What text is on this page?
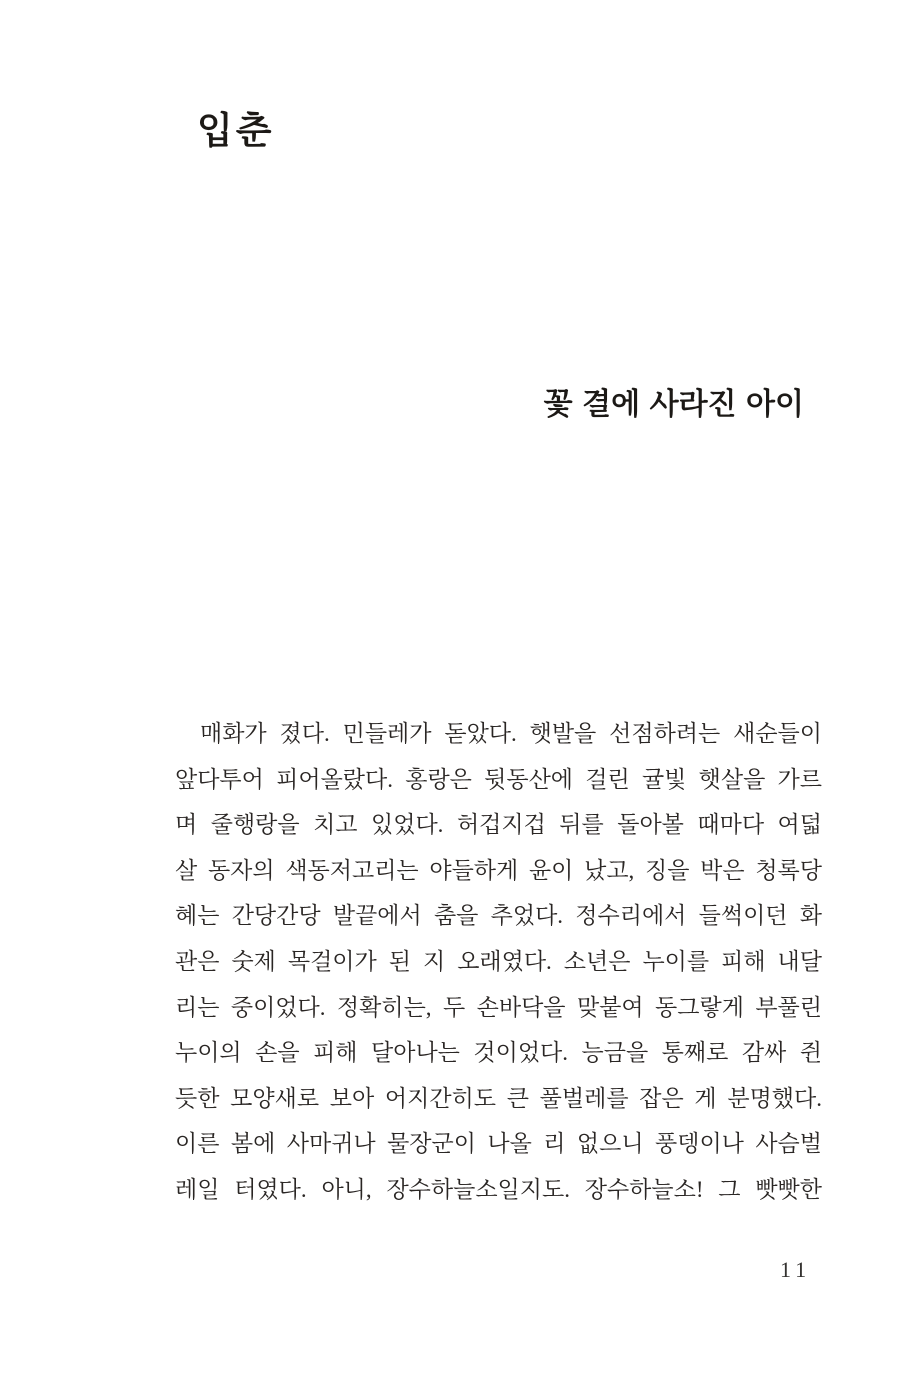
입춘
꽃 결에 사라진 아이

매화가 졌다. 민들레가 돋았다. 햇발을 선점하려는 새순들이

앞다투어 피어올랐다. 홍랑은 뒷동산에 걸린 귤빛 햇살을 가르

며 줄행랑을 치고 있었다. 허겁지겁 뒤를 돌아볼 때마다 여덟

살 동자의 색동저고리는 야들하게 윤이 났고, 징을 박은 청록당

혜는 간당간당 발끝에서 춤을 추었다. 정수리에서 들썩이던 화

관은 숫제 목걸이가 된 지 오래였다. 소년은 누이를 피해 내달

리는 중이었다. 정확히는, 두 손바닥을 맞붙여 동그랗게 부풀린

누이의 손을 피해 달아나는 것이었다. 능금을 통째로 감싸 쥔

듯한 모양새로 보아 어지간히도 큰 풀벌레를 잡은 게 분명했다.

이른 봄에 사마귀나 물장군이 나올 리 없으니 풍뎅이나 사슴벌

레일 터였다. 아니, 장수하늘소일지도. 장수하늘소! 그 빳빳한

11
